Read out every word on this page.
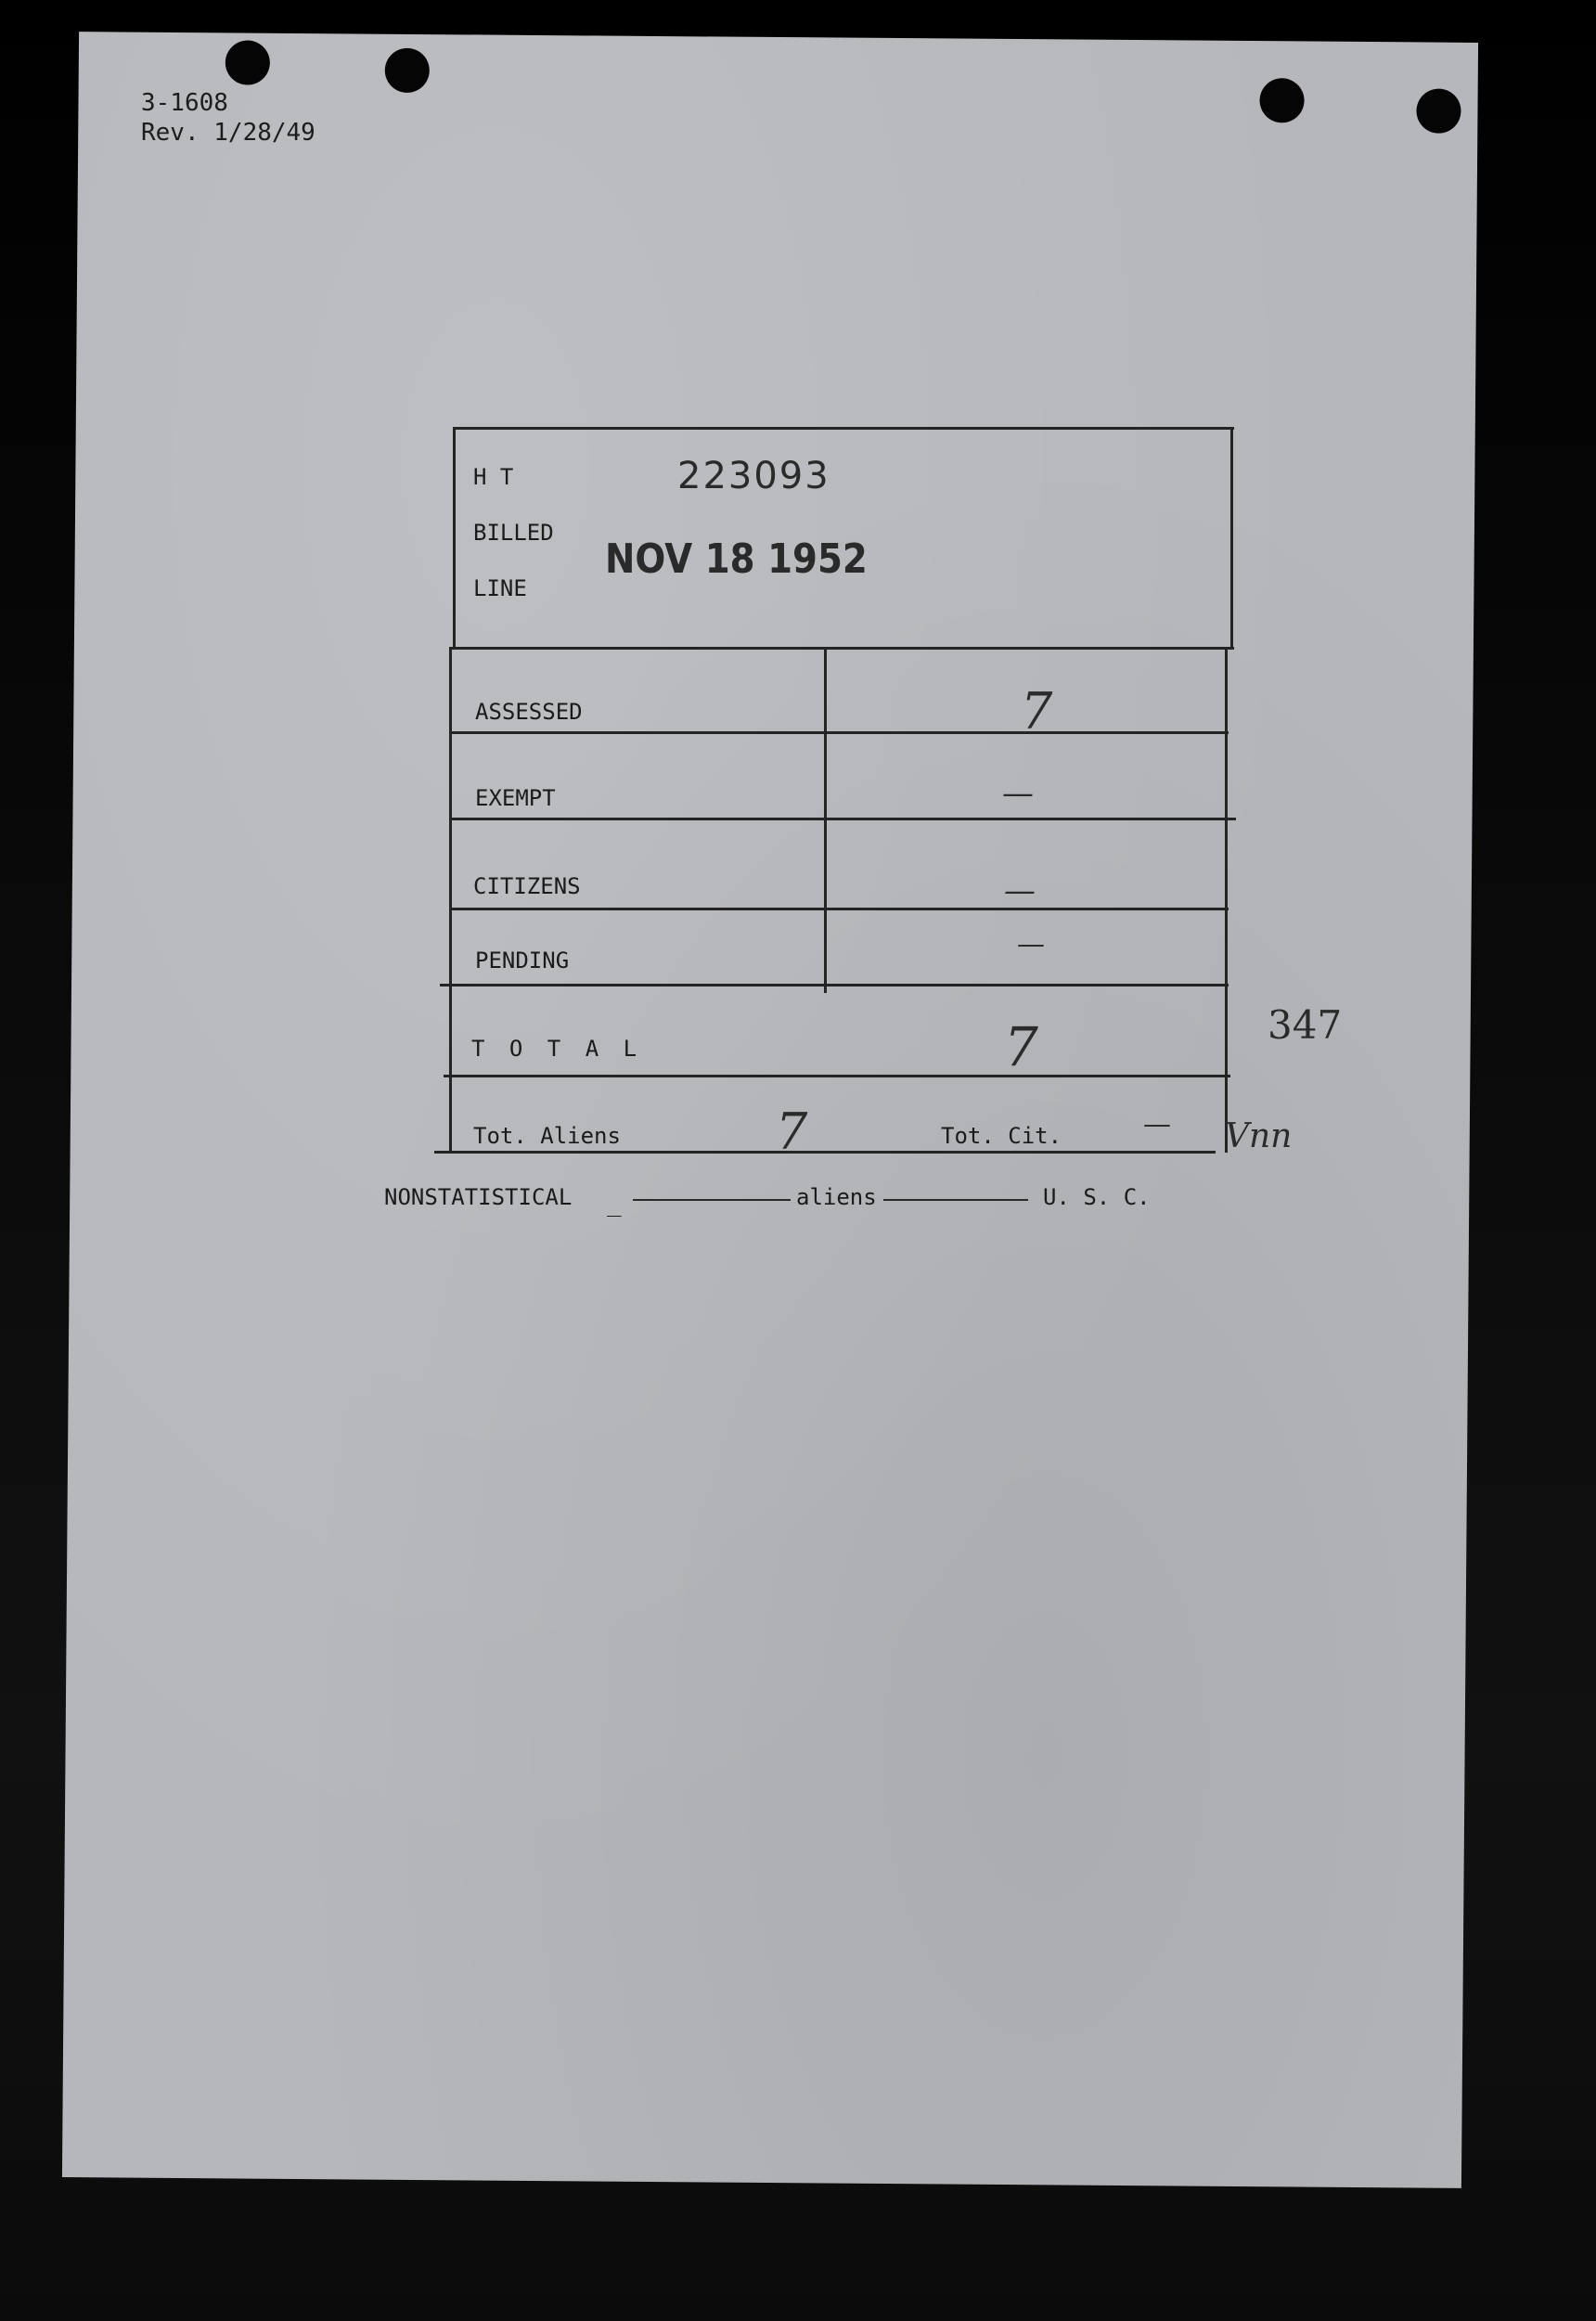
3-1608
Rev. 1/28/49
H T	223093
BILLED
LINE
NOV 18 1952
ASSESSED	7
EXEMPT	—
CITIZENS	—
PENDING	—
T O T A L	7	347
Tot. Aliens	7	Tot. Cit.	— Vnn
NONSTATISTICAL _	aliens	U. S. C.
